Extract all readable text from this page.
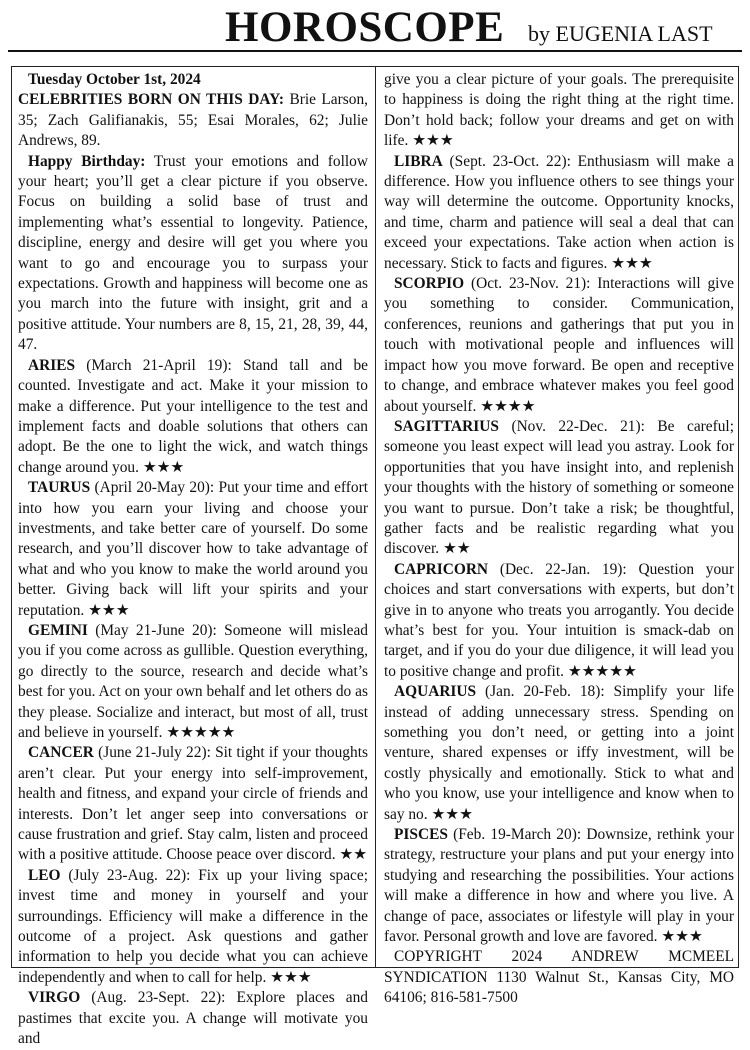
HOROSCOPE by EUGENIA LAST

Tuesday October 1st, 2024

CELEBRITIES BORN ON THIS DAY: Brie Larson, 35; Zach Galifianakis, 55; Esai Morales, 62; Julie Andrews, 89.

Happy Birthday: Trust your emotions and follow your heart; you’ll get a clear picture if you observe. Focus on building a solid base of trust and implementing what’s essential to longevity. Patience, discipline, energy and desire will get you where you want to go and encourage you to surpass your expectations. Growth and happiness will become one as you march into the future with insight, grit and a positive attitude. Your numbers are 8, 15, 21, 28, 39, 44, 47.

ARIES (March 21-April 19): Stand tall and be counted. Investigate and act. Make it your mission to make a difference. Put your intelligence to the test and implement facts and doable solutions that others can adopt. Be the one to light the wick, and watch things change around you. ★★★

TAURUS (April 20-May 20): Put your time and effort into how you earn your living and choose your investments, and take better care of yourself. Do some research, and you’ll discover how to take advantage of what and who you know to make the world around you better. Giving back will lift your spirits and your reputation. ★★★

GEMINI (May 21-June 20): Someone will mislead you if you come across as gullible. Question everything, go directly to the source, research and decide what’s best for you. Act on your own behalf and let others do as they please. Socialize and interact, but most of all, trust and believe in yourself. ★★★★★

CANCER (June 21-July 22): Sit tight if your thoughts aren’t clear. Put your energy into self-improvement, health and fitness, and expand your circle of friends and interests. Don’t let anger seep into conversations or cause frustration and grief. Stay calm, listen and proceed with a positive attitude. Choose peace over discord. ★★

LEO (July 23-Aug. 22): Fix up your living space; invest time and money in yourself and your surroundings. Efficiency will make a difference in the outcome of a project. Ask questions and gather information to help you decide what you can achieve independently and when to call for help. ★★★

VIRGO (Aug. 23-Sept. 22): Explore places and pastimes that excite you. A change will motivate you and

give you a clear picture of your goals. The prerequisite to happiness is doing the right thing at the right time. Don’t hold back; follow your dreams and get on with life. ★★★

LIBRA (Sept. 23-Oct. 22): Enthusiasm will make a difference. How you influence others to see things your way will determine the outcome. Opportunity knocks, and time, charm and patience will seal a deal that can exceed your expectations. Take action when action is necessary. Stick to facts and figures. ★★★

SCORPIO (Oct. 23-Nov. 21): Interactions will give you something to consider. Communication, conferences, reunions and gatherings that put you in touch with motivational people and influences will impact how you move forward. Be open and receptive to change, and embrace whatever makes you feel good about yourself. ★★★★

SAGITTARIUS (Nov. 22-Dec. 21): Be careful; someone you least expect will lead you astray. Look for opportunities that you have insight into, and replenish your thoughts with the history of something or someone you want to pursue. Don’t take a risk; be thoughtful, gather facts and be realistic regarding what you discover. ★★

CAPRICORN (Dec. 22-Jan. 19): Question your choices and start conversations with experts, but don’t give in to anyone who treats you arrogantly. You decide what’s best for you. Your intuition is smack-dab on target, and if you do your due diligence, it will lead you to positive change and profit. ★★★★★

AQUARIUS (Jan. 20-Feb. 18): Simplify your life instead of adding unnecessary stress. Spending on something you don’t need, or getting into a joint venture, shared expenses or iffy investment, will be costly physically and emotionally. Stick to what and who you know, use your intelligence and know when to say no. ★★★

PISCES (Feb. 19-March 20): Downsize, rethink your strategy, restructure your plans and put your energy into studying and researching the possibilities. Your actions will make a difference in how and where you live. A change of pace, associates or lifestyle will play in your favor. Personal growth and love are favored. ★★★

COPYRIGHT 2024 ANDREW MCMEEL SYNDICATION 1130 Walnut St., Kansas City, MO 64106; 816-581-7500
